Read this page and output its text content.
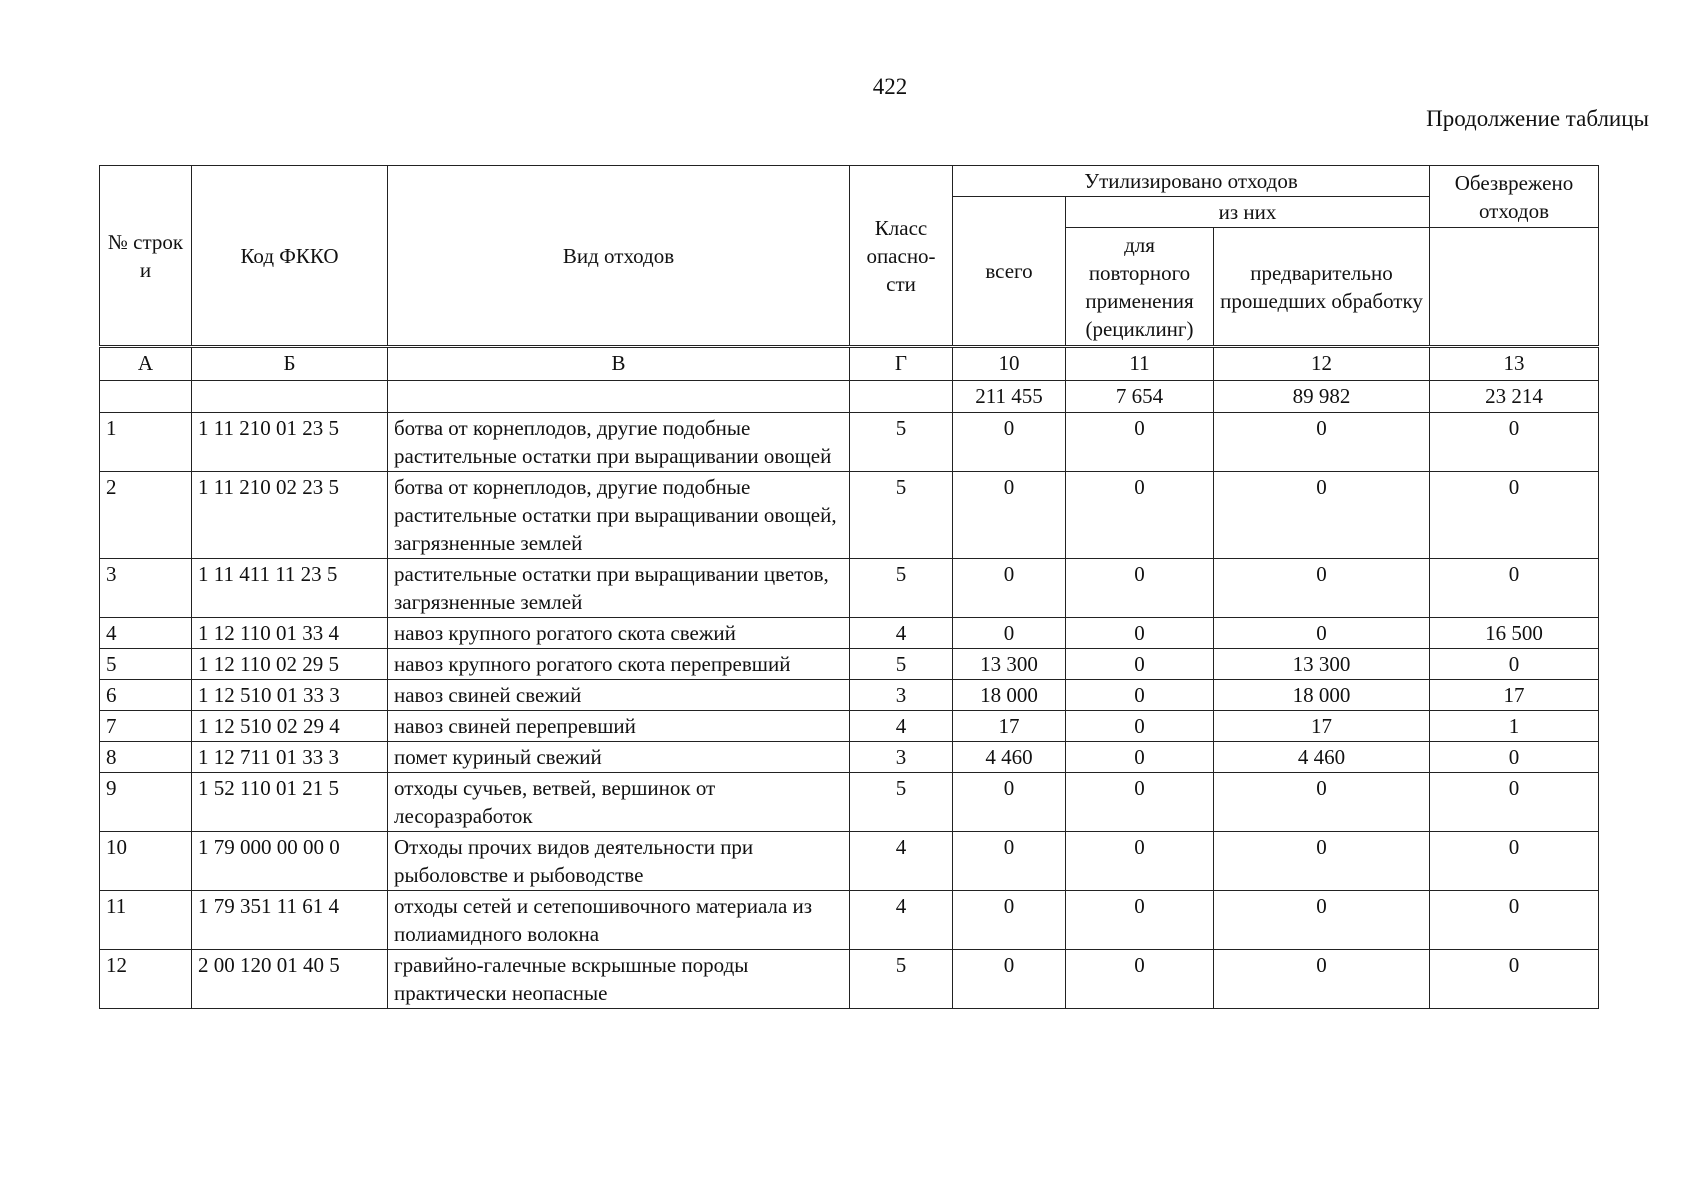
422
Продолжение таблицы
№ строк и	Код ФККО	Вид отходов	Класс опасно-сти	Утилизировано отходов			Обезврежено отходов
				всего	из них		
					для повторного применения (рециклинг)	предварительно прошедших обработку	
А	Б	В	Г	10	11	12	13
				211 455	7 654	89 982	23 214
1	1 11 210 01 23 5	ботва от корнеплодов, другие подобные растительные остатки при выращивании овощей	5	0	0	0	0
2	1 11 210 02 23 5	ботва от корнеплодов, другие подобные растительные остатки при выращивании овощей, загрязненные землей	5	0	0	0	0
3	1 11 411 11 23 5	растительные остатки при выращивании цветов, загрязненные землей	5	0	0	0	0
4	1 12 110 01 33 4	навоз крупного рогатого скота свежий	4	0	0	0	16 500
5	1 12 110 02 29 5	навоз крупного рогатого скота перепревший	5	13 300	0	13 300	0
6	1 12 510 01 33 3	навоз свиней свежий	3	18 000	0	18 000	17
7	1 12 510 02 29 4	навоз свиней перепревший	4	17	0	17	1
8	1 12 711 01 33 3	помет куриный свежий	3	4 460	0	4 460	0
9	1 52 110 01 21 5	отходы сучьев, ветвей, вершинок от лесоразработок	5	0	0	0	0
10	1 79 000 00 00 0	Отходы прочих видов деятельности при рыболовстве и рыбоводстве	4	0	0	0	0
11	1 79 351 11 61 4	отходы сетей и сетепошивочного материала из полиамидного волокна	4	0	0	0	0
12	2 00 120 01 40 5	гравийно-галечные вскрышные породы практически неопасные	5	0	0	0	0
